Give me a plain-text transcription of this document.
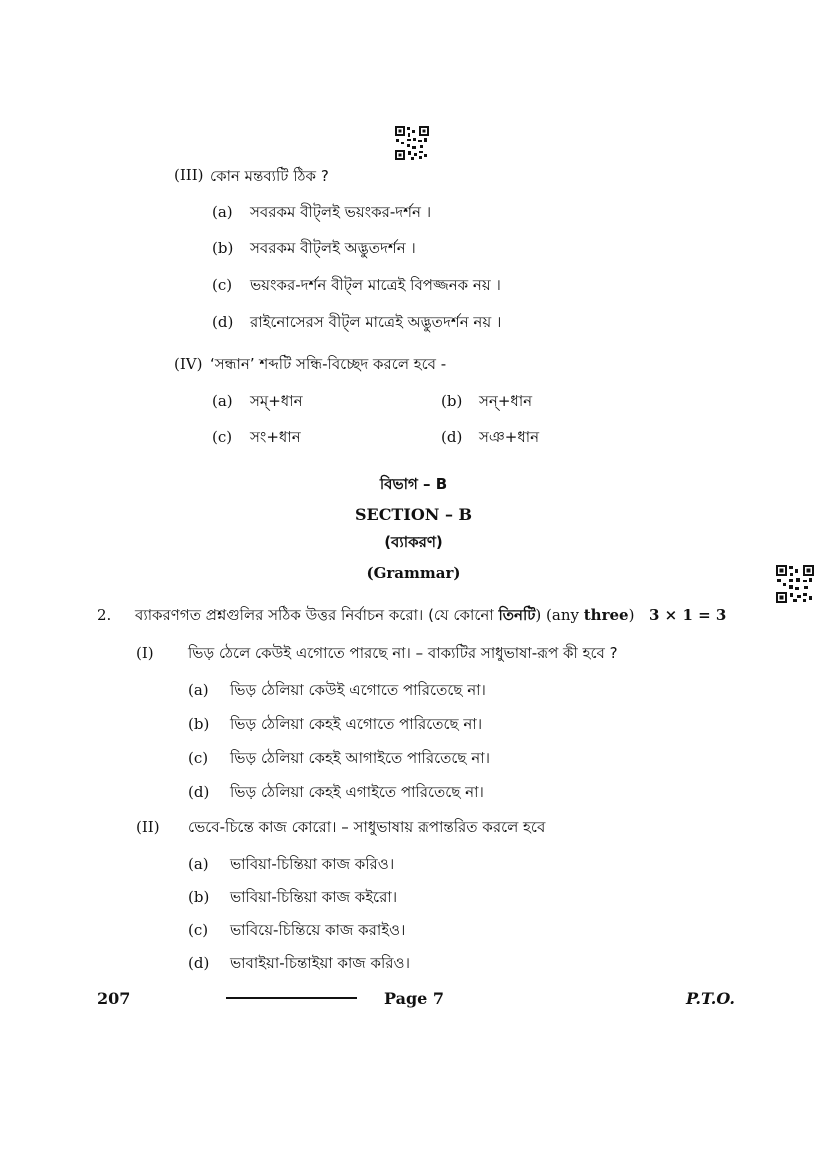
(III) কোন মন্তব্যটি ঠিক ?
(a) সবরকম বীট্‌লই ভয়ংকর-দর্শন ।
(b) সবরকম বীট্‌লই অদ্ভুতদর্শন ।
(c) ভয়ংকর-দর্শন বীট্‌ল মাত্রেই বিপজ্জনক নয় ।
(d) রাইনোসেরস বীট্‌ল মাত্রেই অদ্ভুতদর্শন নয় ।
(IV) ‘সন্ধান’ শব্দটি সন্ধি-বিচ্ছেদ করলে হবে -
(a) সম্‌+ধান	(b) সন্‌+ধান
(c) সং+ধান	(d) সঞ+ধান
বিভাগ – B
SECTION – B
(ব্যাকরণ)
(Grammar)
2. ব্যাকরণগত প্রশ্নগুলির সঠিক উত্তর নির্বাচন করো। (যে কোনো তিনটি) (any three) 3 × 1 = 3
(I) ভিড় ঠেলে কেউই এগোতে পারছে না। – বাক্যটির সাধুভাষা-রূপ কী হবে ?
(a) ভিড় ঠেলিয়া কেউই এগোতে পারিতেছে না।
(b) ভিড় ঠেলিয়া কেহই এগোতে পারিতেছে না।
(c) ভিড় ঠেলিয়া কেহই আগাইতে পারিতেছে না।
(d) ভিড় ঠেলিয়া কেহই এগাইতে পারিতেছে না।
(II) ভেবে-চিন্তে কাজ কোরো। – সাধুভাষায় রূপান্তরিত করলে হবে
(a) ভাবিয়া-চিন্তিয়া কাজ করিও।
(b) ভাবিয়া-চিন্তিয়া কাজ কইরো।
(c) ভাবিয়ে-চিন্তিয়ে কাজ করাইও।
(d) ভাবাইয়া-চিন্তাইয়া কাজ করিও।
207	Page 7	P.T.O.
